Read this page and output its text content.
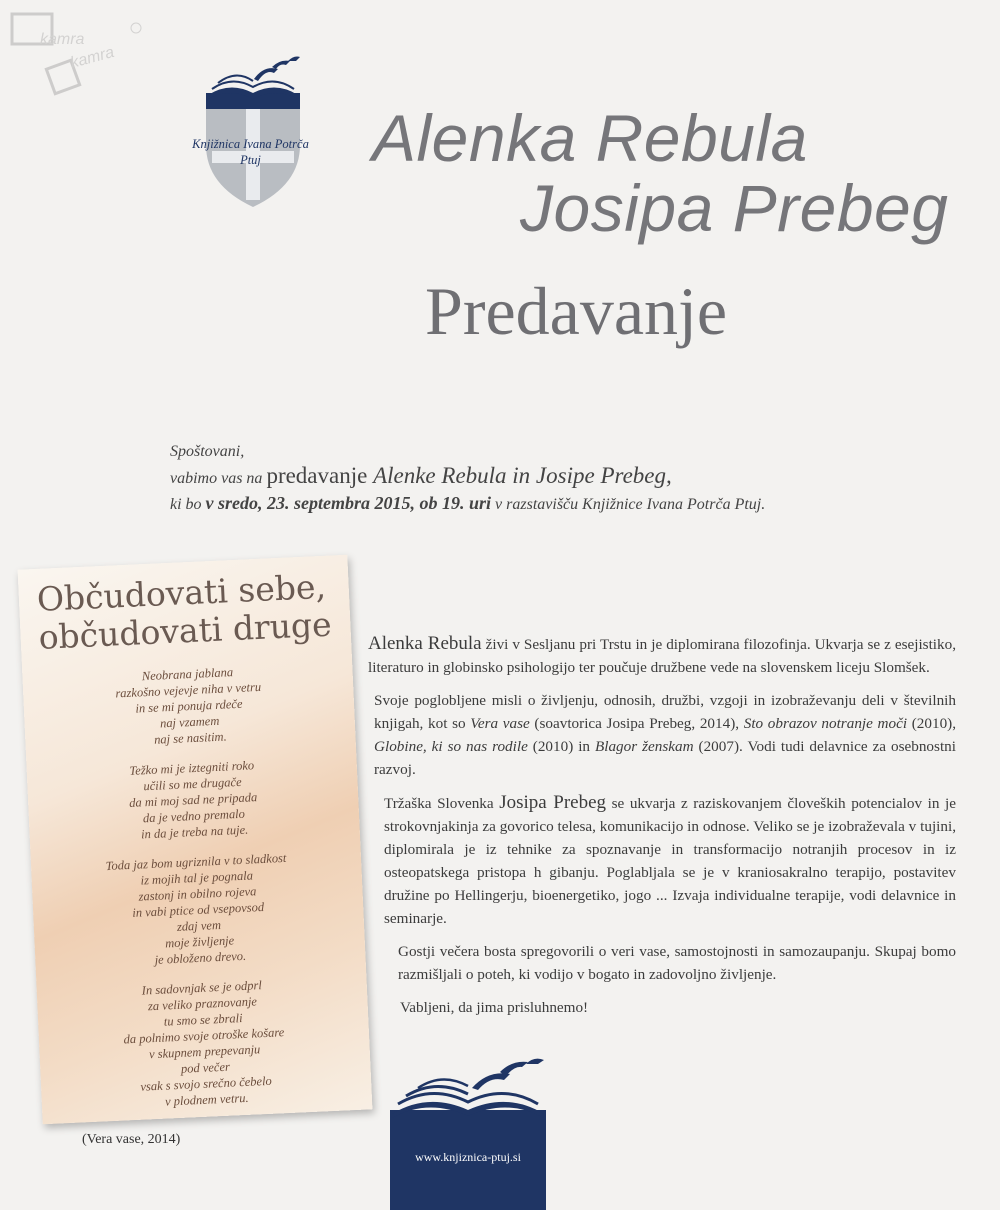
kamra
kamra
Knjižnica Ivana Potrča
Ptuj	Alenka Rebula
Josipa Prebeg
Predavanje
Spoštovani,
vabimo vas na predavanje Alenke Rebula in Josipe Prebeg,
ki bo v sredo, 23. septembra 2015, ob 19. uri v razstavišču Knjižnice Ivana Potrča Ptuj.
Občudovati sebe,
občudovati druge
Neobrana jablana
razkošno vejevje niha v vetru
in se mi ponuja rdeče
naj vzamem
naj se nasitim.
Težko mi je iztegniti roko
učili so me drugače
da mi moj sad ne pripada
da je vedno premalo
in da je treba na tuje.
Toda jaz bom ugriznila v to sladkost
iz mojih tal je pognala
zastonj in obilno rojeva
in vabi ptice od vsepovsod
zdaj vem
moje življenje
je obloženo drevo.
In sadovnjak se je odprl
za veliko praznovanje
tu smo se zbrali
da polnimo svoje otroške košare
v skupnem prepevanju
pod večer
vsak s svojo srečno čebelo
v plodnem vetru.
(Vera vase, 2014)

Alenka Rebula živi v Sesljanu pri Trstu in je diplomirana filozofinja. Ukvarja se z esejistiko, literaturo in globinsko psihologijo ter poučuje družbene vede na slovenskem liceju Slomšek.

Svoje poglobljene misli o življenju, odnosih, družbi, vzgoji in izobraževanju deli v številnih knjigah, kot so Vera vase (soavtorica Josipa Prebeg, 2014), Sto obrazov notranje moči (2010), Globine, ki so nas rodile (2010) in Blagor ženskam (2007). Vodi tudi delavnice za osebnostni razvoj.

Tržaška Slovenka Josipa Prebeg se ukvarja z raziskovanjem človeških potencialov in je strokovnjakinja za govorico telesa, komunikacijo in odnose. Veliko se je izobraževala v tujini, diplomirala je iz tehnike za spoznavanje in transformacijo notranjih procesov in iz osteopatskega pristopa h gibanju. Poglabljala se je v kraniosakralno terapijo, postavitev družine po Hellingerju, bioenergetiko, jogo ... Izvaja individualne terapije, vodi delavnice in seminarje.

Gostji večera bosta spregovorili o veri vase, samostojnosti in samozaupanju. Skupaj bomo razmišljali o poteh, ki vodijo v bogato in zadovoljno življenje.

Vabljeni, da jima prisluhnemo!

www.knjiznica-ptuj.si
